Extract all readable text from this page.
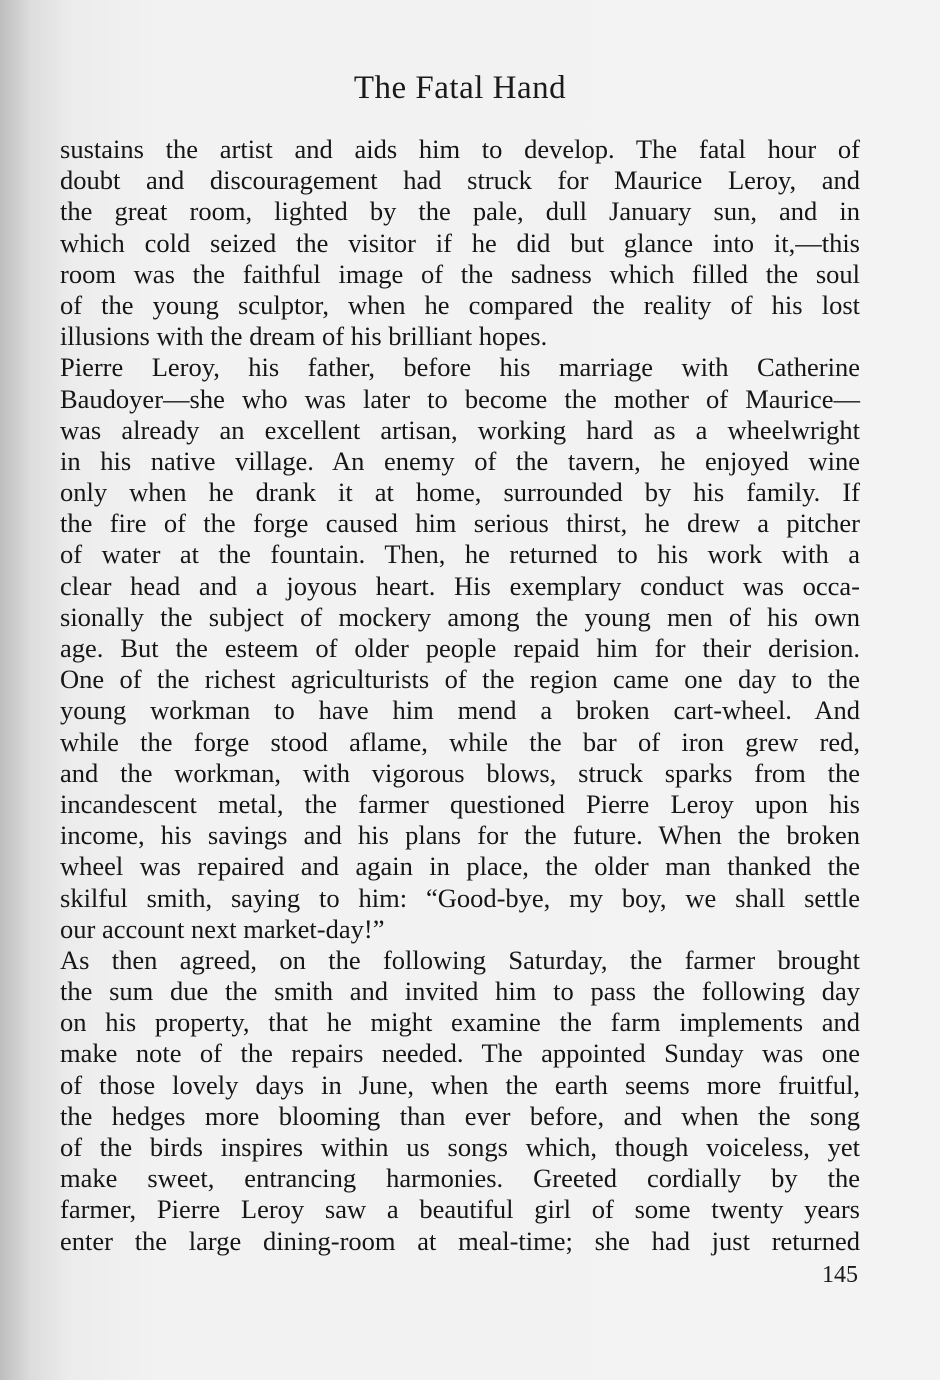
The Fatal Hand
sustains the artist and aids him to develop. The fatal hour of
doubt and discouragement had struck for Maurice Leroy, and
the great room, lighted by the pale, dull January sun, and in
which cold seized the visitor if he did but glance into it,—this
room was the faithful image of the sadness which filled the soul
of the young sculptor, when he compared the reality of his lost
illusions with the dream of his brilliant hopes.
Pierre Leroy, his father, before his marriage with Catherine
Baudoyer—she who was later to become the mother of Maurice—
was already an excellent artisan, working hard as a wheelwright
in his native village. An enemy of the tavern, he enjoyed wine
only when he drank it at home, surrounded by his family. If
the fire of the forge caused him serious thirst, he drew a pitcher
of water at the fountain. Then, he returned to his work with a
clear head and a joyous heart. His exemplary conduct was occa-
sionally the subject of mockery among the young men of his own
age. But the esteem of older people repaid him for their derision.
One of the richest agriculturists of the region came one day to the
young workman to have him mend a broken cart-wheel. And
while the forge stood aflame, while the bar of iron grew red,
and the workman, with vigorous blows, struck sparks from the
incandescent metal, the farmer questioned Pierre Leroy upon his
income, his savings and his plans for the future. When the broken
wheel was repaired and again in place, the older man thanked the
skilful smith, saying to him: “Good-bye, my boy, we shall settle
our account next market-day!”
As then agreed, on the following Saturday, the farmer brought
the sum due the smith and invited him to pass the following day
on his property, that he might examine the farm implements and
make note of the repairs needed. The appointed Sunday was one
of those lovely days in June, when the earth seems more fruitful,
the hedges more blooming than ever before, and when the song
of the birds inspires within us songs which, though voiceless, yet
make sweet, entrancing harmonies. Greeted cordially by the
farmer, Pierre Leroy saw a beautiful girl of some twenty years
enter the large dining-room at meal-time; she had just returned
145
